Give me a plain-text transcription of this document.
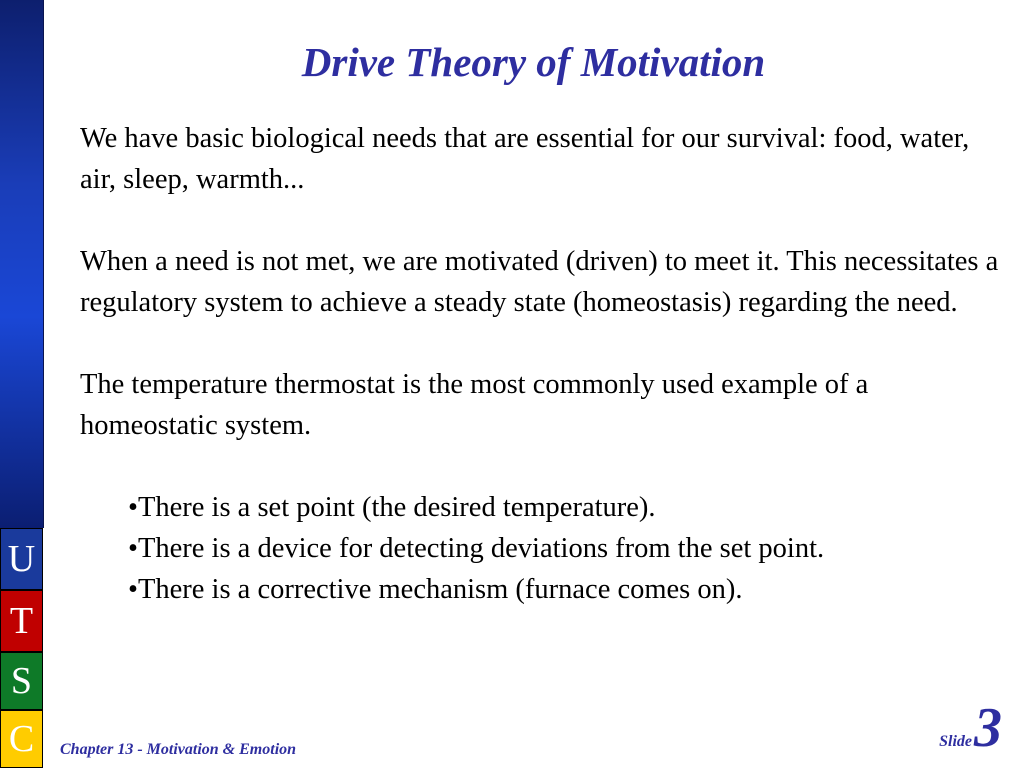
U
T
S
C
Drive Theory of Motivation

We have basic biological needs that are essential for our survival: food, water, air, sleep, warmth...

When a need is not met, we are motivated (driven) to meet it. This necessitates a regulatory system to achieve a steady state (homeostasis) regarding the need.

The temperature thermostat is the most commonly used example of a homeostatic system.

•There is a set point (the desired temperature).
•There is a device for detecting deviations from the set point.
•There is a corrective mechanism (furnace comes on).
Chapter 13 - Motivation & Emotion	Slide 3
